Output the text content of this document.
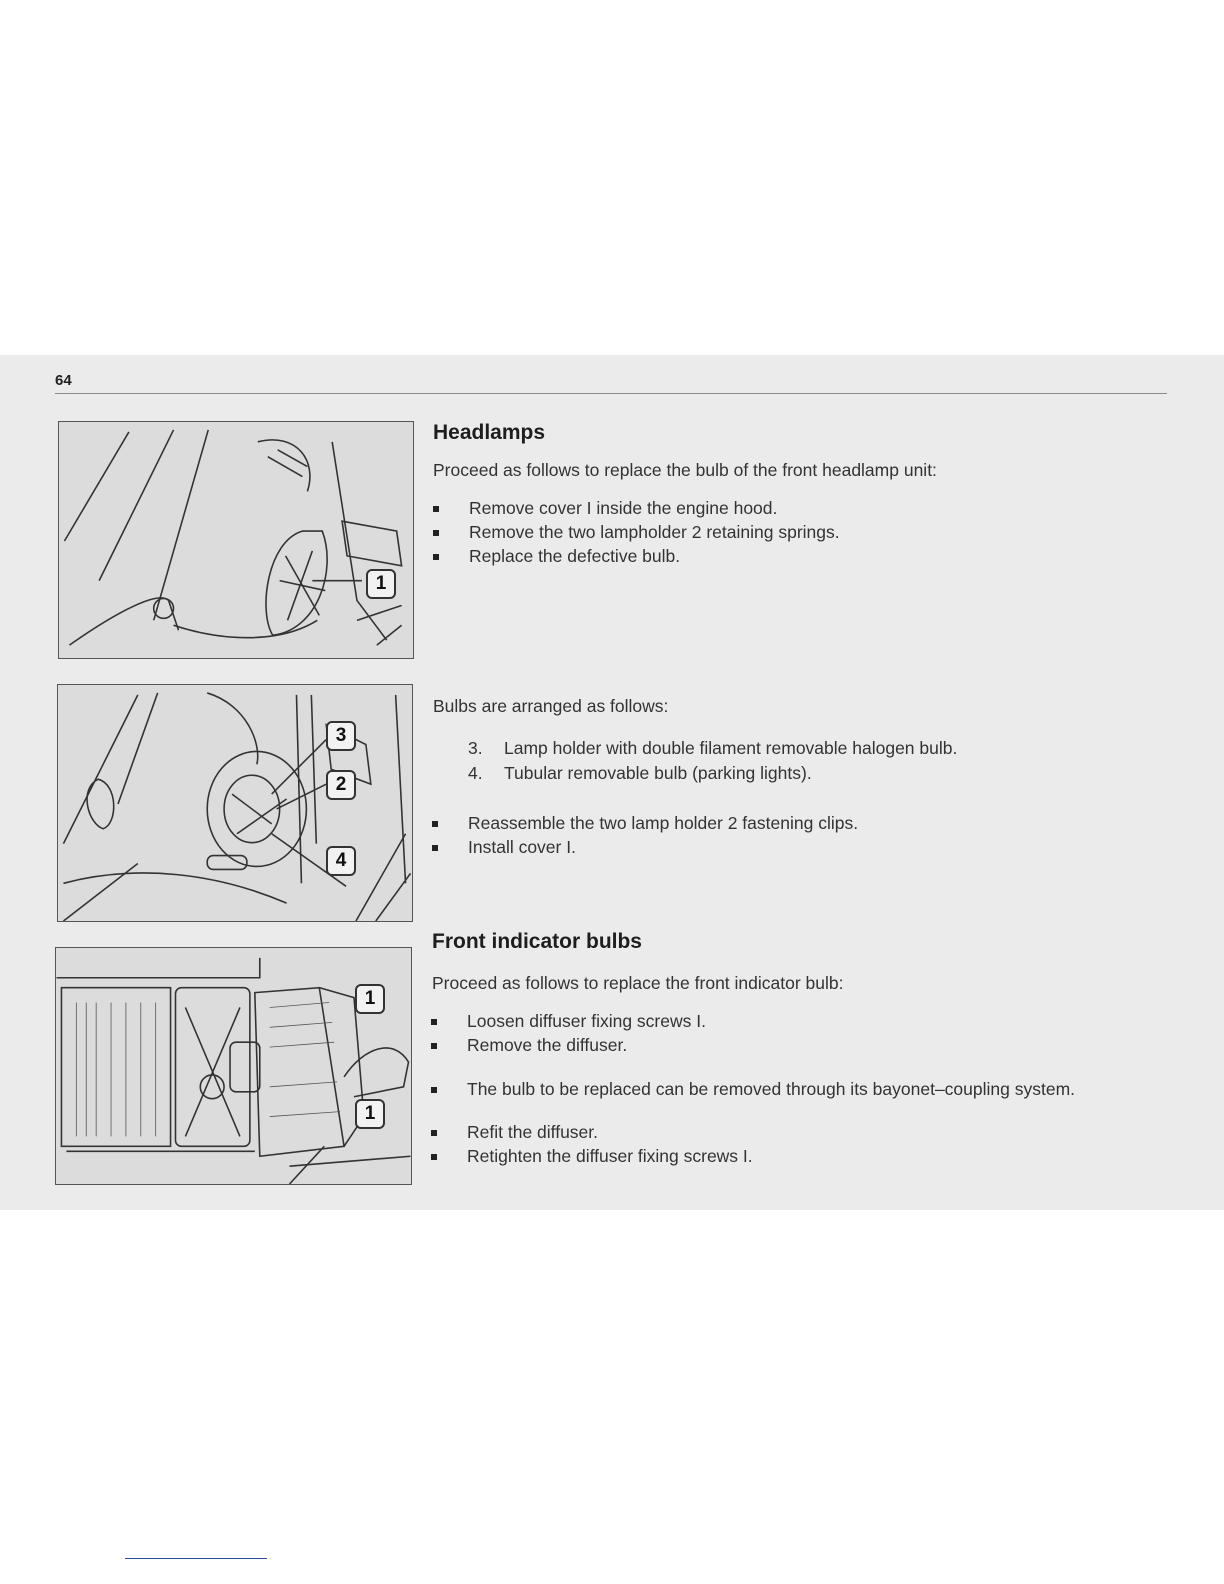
64
1
3
2
4
1
1
Headlamps

Proceed as follows to replace the bulb of the front headlamp unit:

Remove cover I inside the engine hood.
Remove the two lampholder 2 retaining springs.
Replace the defective bulb.

Bulbs are arranged as follows:

3. Lamp holder with double filament removable halogen bulb.
4. Tubular removable bulb (parking lights).
Reassemble the two lamp holder 2 fastening clips.
Install cover I.
Front indicator bulbs

Proceed as follows to replace the front indicator bulb:

Loosen diffuser fixing screws I.
Remove the diffuser.
The bulb to be replaced can be removed through its bayonet–coupling system.
Refit the diffuser.
Retighten the diffuser fixing screws I.
